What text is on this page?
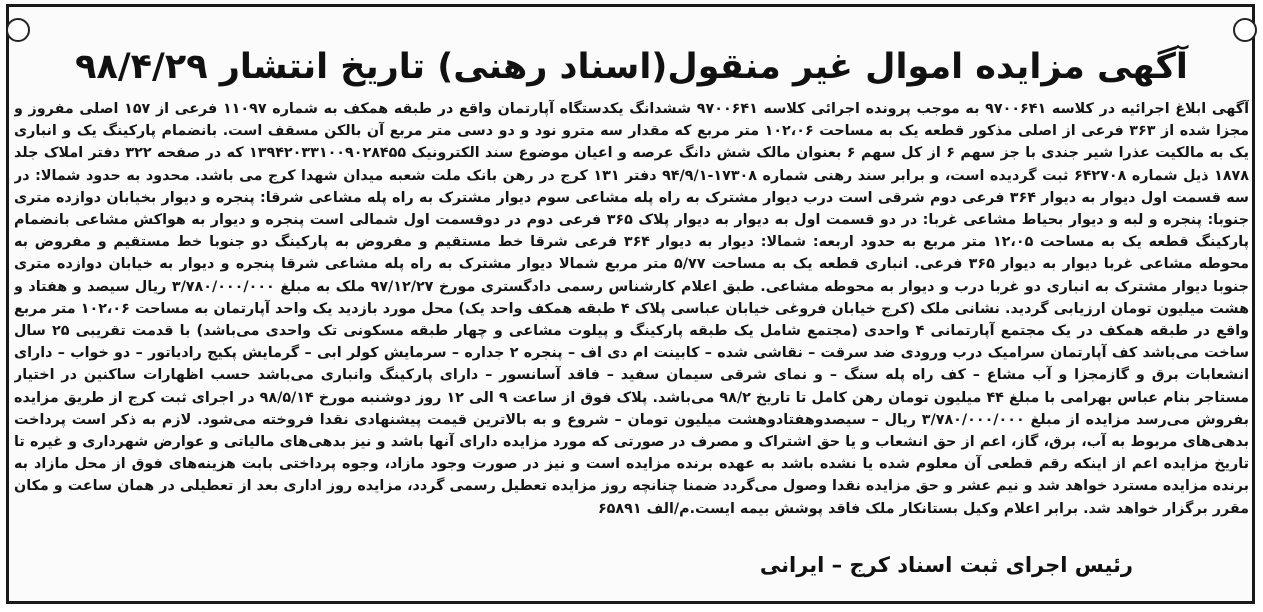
آگهی مزایده اموال غیر منقول(اسناد رهنی) تاریخ انتشار ۹۸/۴/۲۹
آگهی ابلاغ اجرائیه در کلاسه ۹۷۰۰۶۴۱ به موجب پرونده اجرائی کلاسه ۹۷۰۰۶۴۱ ششدانگ یکدستگاه آپارتمان واقع در طبقه همکف به شماره ۱۱۰۹۷ فرعی از ۱۵۷ اصلی مفروز و مجزا شده از ۳۶۳ فرعی از اصلی مذکور قطعه یک به مساحت ۱۰۲،۰۶ متر مربع که مقدار سه مترو نود و دو دسی متر مربع آن بالکن مسقف است. بانضمام پارکینگ یک و انباری یک به مالکیت عذرا شیر جندی با جز سهم ۶ از کل سهم ۶ بعنوان مالک شش دانگ عرصه و اعیان موضوع سند الکترونیک ۱۳۹۴۲۰۳۳۱۰۰۹۰۲۸۴۵۵ که در صفحه ۳۲۲ دفتر املاک جلد ۱۸۷۸ ذیل شماره ۶۴۲۷۰۸ ثبت گردیده است، و برابر سند رهنی شماره ۱۷۳۰۸-۹۴/۹/۱ دفتر ۱۳۱ کرج در رهن بانک ملت شعبه میدان شهدا کرج می باشد. محدود به حدود شمالا: در سه قسمت اول دیوار به دیوار ۳۶۴ فرعی دوم شرقی است درب دیوار مشترک به راه پله مشاعی سوم دیوار مشترک به راه پله مشاعی شرقا: پنجره و دیوار بخیابان دوازده متری جنوبا: پنجره و لبه و دیوار بحیاط مشاعی غربا: در دو قسمت اول به دیوار به دیوار پلاک ۳۶۵ فرعی دوم در دوقسمت اول شمالی است پنجره و دیوار به هواکش مشاعی بانضمام پارکینگ قطعه یک به مساحت ۱۲،۰۵ متر مربع به حدود اربعه: شمالا: دیوار به دیوار ۳۶۴ فرعی شرقا خط مستقیم و مفروض به پارکینگ دو جنوبا خط مستقیم و مفروض به محوطه مشاعی غربا دیوار به دیوار ۳۶۵ فرعی. انباری قطعه یک به مساحت ۵/۷۷ متر مربع شمالا دیوار مشترک به راه پله مشاعی شرقا پنجره و دیوار به خیابان دوازده متری جنوبا دیوار مشترک به انباری دو غربا درب و دیوار به محوطه مشاعی. طبق اعلام کارشناس رسمی دادگستری مورخ ۹۷/۱۲/۲۷ ملک به مبلغ ۳/۷۸۰/۰۰۰/۰۰۰ ریال سیصد و هفتاد و هشت میلیون تومان ارزیابی گردید. نشانی ملک (کرج خیابان فروغی خیابان عباسی پلاک ۴ طبقه همکف واحد یک) محل مورد بازدید یک واحد آپارتمان به مساحت ۱۰۲،۰۶ متر مربع واقع در طبقه همکف در یک مجتمع آپارتمانی ۴ واحدی (مجتمع شامل یک طبقه پارکینگ و پیلوت مشاعی و چهار طبقه مسکونی تک واحدی می‌باشد) با قدمت تقریبی ۲۵ سال ساخت می‌باشد کف آپارتمان سرامیک درب ورودی ضد سرقت – نقاشی شده – کابینت ام دی اف – پنجره ۲ جداره – سرمایش کولر ابی – گرمایش پکیج رادیاتور – دو خواب – دارای انشعابات برق و گازمجزا و آب مشاع – کف راه پله سنگ – و نمای شرقی سیمان سفید – فاقد آسانسور – دارای پارکینگ وانباری می‌باشد حسب اظهارات ساکنین در اختیار مستاجر بنام عباس بهرامی با مبلغ ۴۴ میلیون تومان رهن کامل تا تاریخ ۹۸/۲ می‌باشد. پلاک فوق از ساعت ۹ الی ۱۲ روز دوشنبه مورخ ۹۸/۵/۱۴ در اجرای ثبت کرج از طریق مزایده بفروش می‌رسد مزایده از مبلغ ۳/۷۸۰/۰۰۰/۰۰۰ ریال – سیصدوهفتادوهشت میلیون تومان – شروع و به بالاترین قیمت پیشنهادی نقدا فروخته می‌شود. لازم به ذکر است پرداخت بدهی‌های مربوط به آب، برق، گاز، اعم از حق انشعاب و یا حق اشتراک و مصرف در صورتی که مورد مزایده دارای آنها باشد و نیز بدهی‌های مالیاتی و عوارض شهرداری و غیره تا تاریخ مزایده اعم از اینکه رقم قطعی آن معلوم شده یا نشده باشد به عهده برنده مزایده است و نیز در صورت وجود مازاد، وجوه پرداختی بابت هزینه‌های فوق از محل مازاد به برنده مزایده مسترد خواهد شد و نیم عشر و حق مزایده نقدا وصول می‌گردد ضمنا چنانچه روز مزایده تعطیل رسمی گردد، مزایده روز اداری بعد از تعطیلی در همان ساعت و مکان مقرر برگزار خواهد شد. برابر اعلام وکیل بستانکار ملک فاقد پوشش بیمه ایست.م/الف ۶۵۸۹۱
رئیس اجرای ثبت اسناد کرج – ایرانی
